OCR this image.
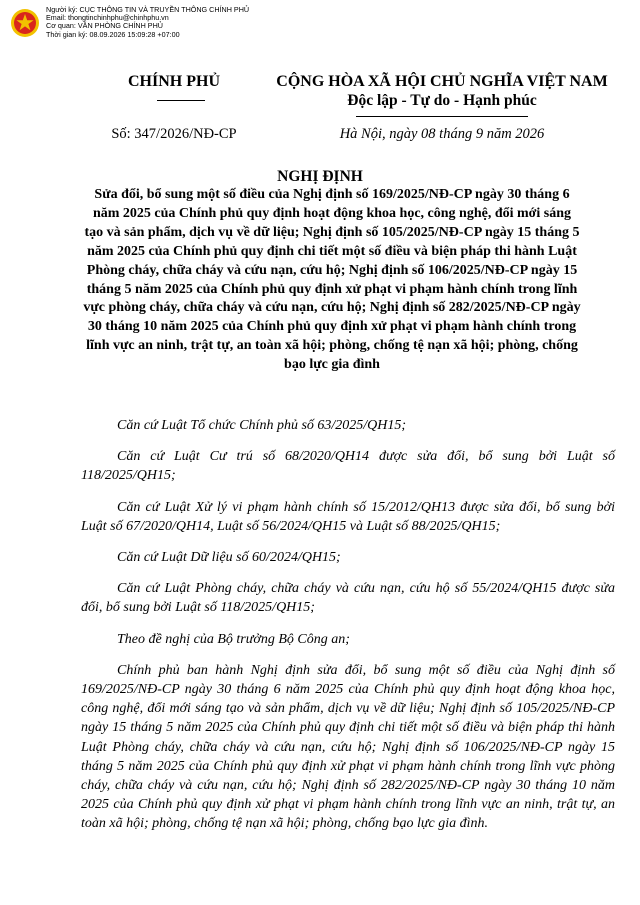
Người ký: CỤC THÔNG TIN VÀ TRUYỀN THÔNG CHÍNH PHỦ
Email: thongtinchinhphu@chinhphu.vn
Cơ quan: VĂN PHÒNG CHÍNH PHỦ
Thời gian ký: 08.09.2026 15:09:28 +07:00
CHÍNH PHỦ	CỘNG HÒA XÃ HỘI CHỦ NGHĨA VIỆT NAM
Độc lập - Tự do - Hạnh phúc
Số: 347/2026/NĐ-CP	Hà Nội, ngày 08 tháng 9 năm 2026
NGHỊ ĐỊNH
Sửa đổi, bổ sung một số điều của Nghị định số 169/2025/NĐ-CP ngày 30 tháng 6 năm 2025 của Chính phủ quy định hoạt động khoa học, công nghệ, đổi mới sáng tạo và sản phẩm, dịch vụ về dữ liệu; Nghị định số 105/2025/NĐ-CP ngày 15 tháng 5 năm 2025 của Chính phủ quy định chi tiết một số điều và biện pháp thi hành Luật Phòng cháy, chữa cháy và cứu nạn, cứu hộ; Nghị định số 106/2025/NĐ-CP ngày 15 tháng 5 năm 2025 của Chính phủ quy định xử phạt vi phạm hành chính trong lĩnh vực phòng cháy, chữa cháy và cứu nạn, cứu hộ; Nghị định số 282/2025/NĐ-CP ngày 30 tháng 10 năm 2025 của Chính phủ quy định xử phạt vi phạm hành chính trong lĩnh vực an ninh, trật tự, an toàn xã hội; phòng, chống tệ nạn xã hội; phòng, chống bạo lực gia đình

Căn cứ Luật Tổ chức Chính phủ số 63/2025/QH15;

Căn cứ Luật Cư trú số 68/2020/QH14 được sửa đổi, bổ sung bởi Luật số 118/2025/QH15;

Căn cứ Luật Xử lý vi phạm hành chính số 15/2012/QH13 được sửa đổi, bổ sung bởi Luật số 67/2020/QH14, Luật số 56/2024/QH15 và Luật số 88/2025/QH15;

Căn cứ Luật Dữ liệu số 60/2024/QH15;

Căn cứ Luật Phòng cháy, chữa cháy và cứu nạn, cứu hộ số 55/2024/QH15 được sửa đổi, bổ sung bởi Luật số 118/2025/QH15;

Theo đề nghị của Bộ trưởng Bộ Công an;

Chính phủ ban hành Nghị định sửa đổi, bổ sung một số điều của Nghị định số 169/2025/NĐ-CP ngày 30 tháng 6 năm 2025 của Chính phủ quy định hoạt động khoa học, công nghệ, đổi mới sáng tạo và sản phẩm, dịch vụ về dữ liệu; Nghị định số 105/2025/NĐ-CP ngày 15 tháng 5 năm 2025 của Chính phủ quy định chi tiết một số điều và biện pháp thi hành Luật Phòng cháy, chữa cháy và cứu nạn, cứu hộ; Nghị định số 106/2025/NĐ-CP ngày 15 tháng 5 năm 2025 của Chính phủ quy định xử phạt vi phạm hành chính trong lĩnh vực phòng cháy, chữa cháy và cứu nạn, cứu hộ; Nghị định số 282/2025/NĐ-CP ngày 30 tháng 10 năm 2025 của Chính phủ quy định xử phạt vi phạm hành chính trong lĩnh vực an ninh, trật tự, an toàn xã hội; phòng, chống tệ nạn xã hội; phòng, chống bạo lực gia đình.
